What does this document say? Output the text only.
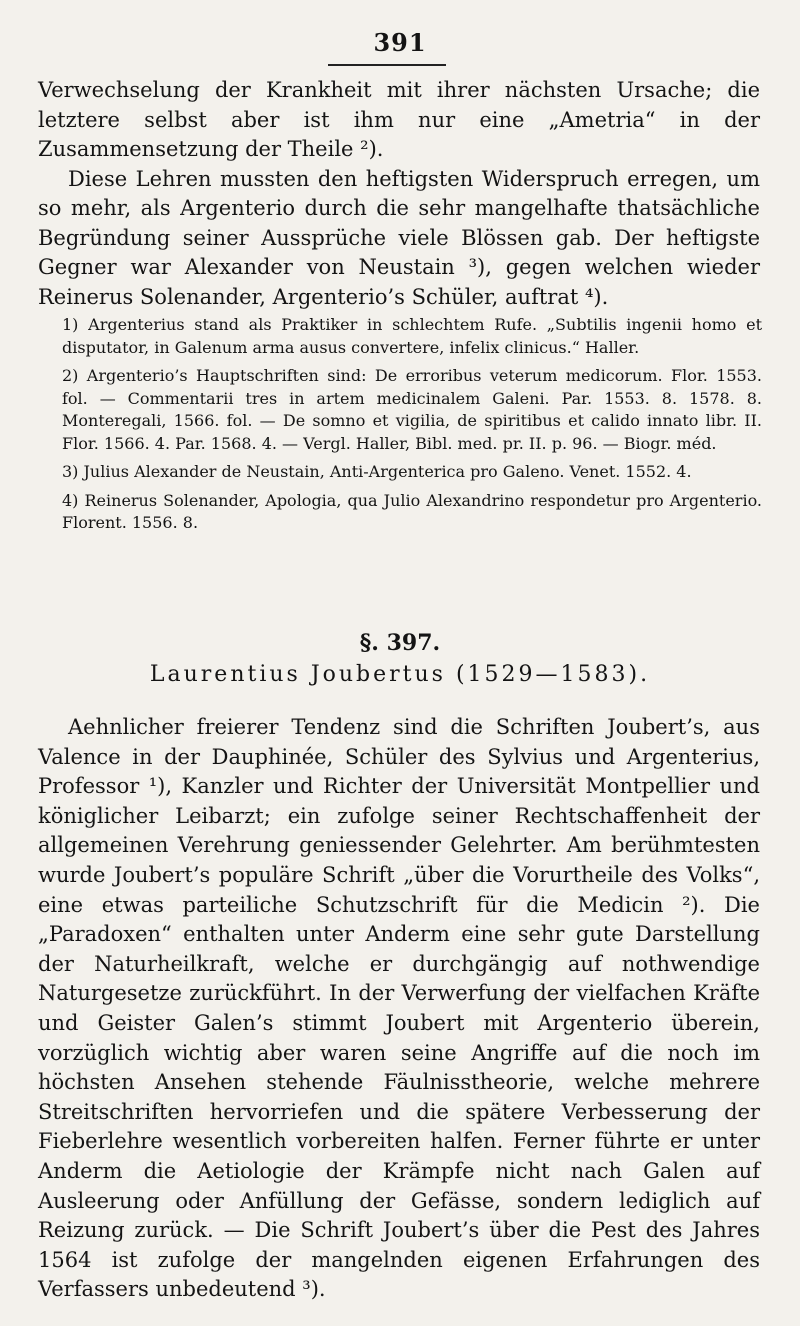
391

Verwechselung der Krankheit mit ihrer nächsten Ursache; die letztere selbst aber ist ihm nur eine „Ametria“ in der Zusammensetzung der Theile ²).

Diese Lehren mussten den heftigsten Widerspruch erregen, um so mehr, als Argenterio durch die sehr mangelhafte thatsächliche Begründung seiner Aussprüche viele Blössen gab. Der heftigste Gegner war Alexander von Neustain ³), gegen welchen wieder Reinerus Solenander, Argenterio’s Schüler, auftrat ⁴).

1) Argenterius stand als Praktiker in schlechtem Rufe. „Subtilis ingenii homo et disputator, in Galenum arma ausus convertere, infelix clinicus.“ Haller.

2) Argenterio’s Hauptschriften sind: De erroribus veterum medicorum. Flor. 1553. fol. — Commentarii tres in artem medicinalem Galeni. Par. 1553. 8. 1578. 8. Monteregali, 1566. fol. — De somno et vigilia, de spiritibus et calido innato libr. II. Flor. 1566. 4. Par. 1568. 4. — Vergl. Haller, Bibl. med. pr. II. p. 96. — Biogr. méd.

3) Julius Alexander de Neustain, Anti-Argenterica pro Galeno. Venet. 1552. 4.

4) Reinerus Solenander, Apologia, qua Julio Alexandrino respondetur pro Argenterio. Florent. 1556. 8.

§. 397.
Laurentius Joubertus (1529—1583).

Aehnlicher freierer Tendenz sind die Schriften Joubert’s, aus Valence in der Dauphinée, Schüler des Sylvius und Argenterius, Professor ¹), Kanzler und Richter der Universität Montpellier und königlicher Leibarzt; ein zufolge seiner Rechtschaffenheit der allgemeinen Verehrung geniessender Gelehrter. Am berühmtesten wurde Joubert’s populäre Schrift „über die Vorurtheile des Volks“, eine etwas parteiliche Schutzschrift für die Medicin ²). Die „Paradoxen“ enthalten unter Anderm eine sehr gute Darstellung der Naturheilkraft, welche er durchgängig auf nothwendige Naturgesetze zurückführt. In der Verwerfung der vielfachen Kräfte und Geister Galen’s stimmt Joubert mit Argenterio überein, vorzüglich wichtig aber waren seine Angriffe auf die noch im höchsten Ansehen stehende Fäulnisstheorie, welche mehrere Streitschriften hervorriefen und die spätere Verbesserung der Fieberlehre wesentlich vorbereiten halfen. Ferner führte er unter Anderm die Aetiologie der Krämpfe nicht nach Galen auf Ausleerung oder Anfüllung der Gefässe, sondern lediglich auf Reizung zurück. — Die Schrift Joubert’s über die Pest des Jahres 1564 ist zufolge der mangelnden eigenen Erfahrungen des Verfassers unbedeutend ³).
